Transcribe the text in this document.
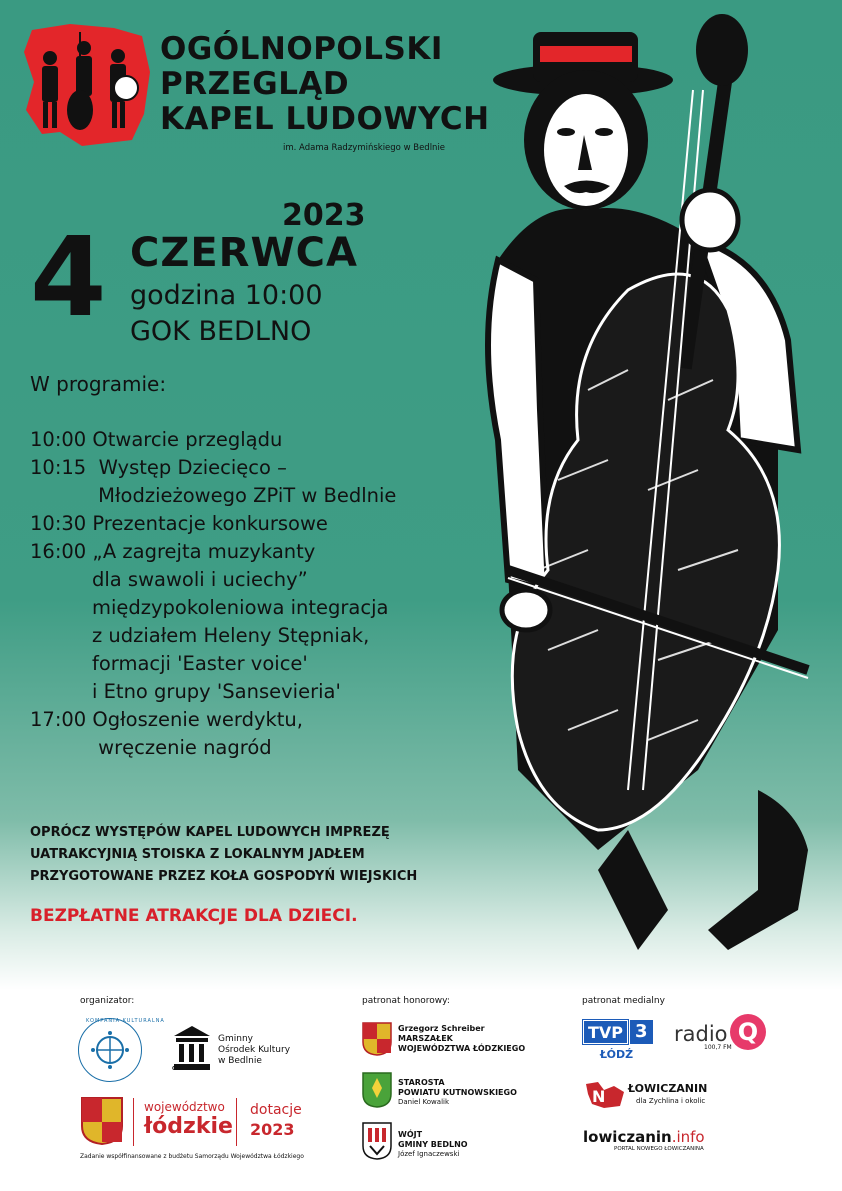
OGÓLNOPOLSKI
PRZEGLĄD
KAPEL LUDOWYCH
im. Adama Radzymińskiego w Bedlnie
2023
4 CZERWCA
godzina 10:00
GOK BEDLNO
W programie:
10:00 Otwarcie przeglądu
10:15  Występ Dziecięco –
Młodzieżowego ZPiT w Bedlnie
10:30 Prezentacje konkursowe
16:00 „A zagrejta muzykanty
dla swawoli i uciechy”
międzypokoleniowa integracja
z udziałem Heleny Stępniak,
formacji 'Easter voice'
i Etno grupy 'Sansevieria'
17:00 Ogłoszenie werdyktu,
wręczenie nagród
OPRÓCZ WYSTĘPÓW KAPEL LUDOWYCH IMPREZĘ
UATRAKCYJNIĄ STOISKA Z LOKALNYM JADŁEM
PRZYGOTOWANE PRZEZ KOŁA GOSPODYŃ WIEJSKICH
BEZPŁATNE ATRAKCJE DLA DZIECI.
organizator:	patronat honorowy:	patronat medialny
KOMPANIA KULTURALNA
GOK BEDLNO
Gminny
Ośrodek Kultury
w Bedlnie
województwo
łódzkie
dotacje
2023
Zadanie współfinansowane z budżetu Samorządu Województwa Łódzkiego
Grzegorz Schreiber
MARSZAŁEK
WOJEWÓDZTWA ŁÓDZKIEGO
STAROSTA
POWIATU KUTNOWSKIEGO
Daniel Kowalik
WÓJT
GMINY BEDLNO
Józef Ignaczewski
TVP 3
ŁÓDŹ
radio Q
100,7 FM
N ŁOWICZANIN
dla Zychlina i okolic
lowiczanin.info
PORTAL NOWEGO ŁOWICZANINA
